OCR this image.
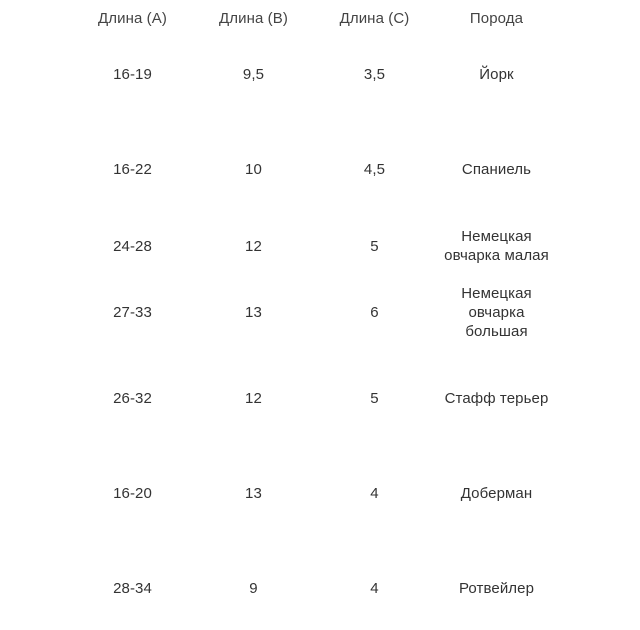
Длина (A)	Длина (B)	Длина (C)	Порода
16-19	9,5	3,5	Йорк
16-22	10	4,5	Спаниель
24-28	12	5	Немецкая овчарка малая
27-33	13	6	Немецкая овчарка большая
26-32	12	5	Стафф терьер
16-20	13	4	Доберман
28-34	9	4	Ротвейлер
